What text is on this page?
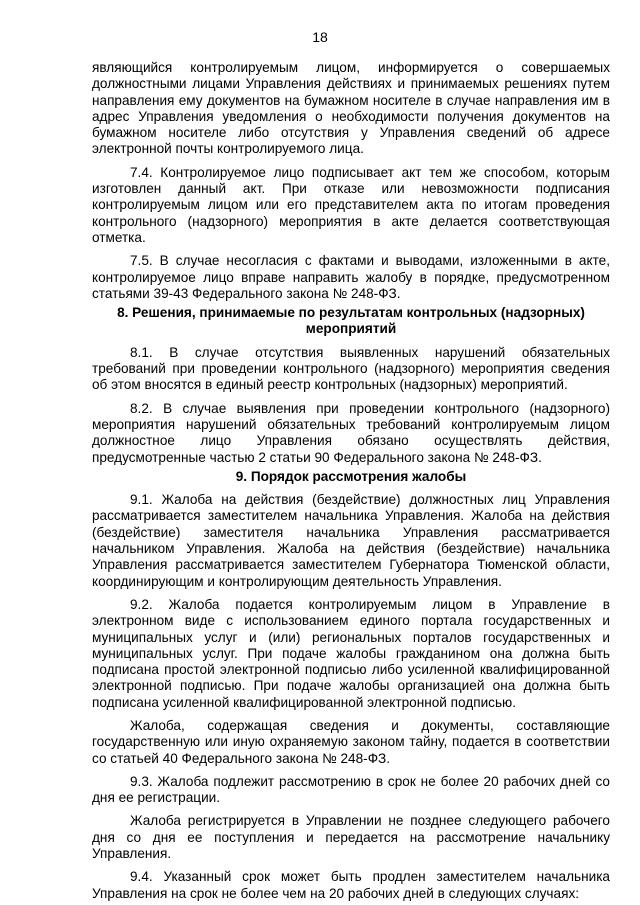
18

являющийся контролируемым лицом, информируется о совершаемых должностными лицами Управления действиях и принимаемых решениях путем направления ему документов на бумажном носителе в случае направления им в адрес Управления уведомления о необходимости получения документов на бумажном носителе либо отсутствия у Управления сведений об адресе электронной почты контролируемого лица.

7.4. Контролируемое лицо подписывает акт тем же способом, которым изготовлен данный акт. При отказе или невозможности подписания контролируемым лицом или его представителем акта по итогам проведения контрольного (надзорного) мероприятия в акте делается соответствующая отметка.

7.5. В случае несогласия с фактами и выводами, изложенными в акте, контролируемое лицо вправе направить жалобу в порядке, предусмотренном статьями 39-43 Федерального закона № 248-ФЗ.

8. Решения, принимаемые по результатам контрольных (надзорных) мероприятий

8.1. В случае отсутствия выявленных нарушений обязательных требований при проведении контрольного (надзорного) мероприятия сведения об этом вносятся в единый реестр контрольных (надзорных) мероприятий.

8.2. В случае выявления при проведении контрольного (надзорного) мероприятия нарушений обязательных требований контролируемым лицом должностное лицо Управления обязано осуществлять действия, предусмотренные частью 2 статьи 90 Федерального закона № 248-ФЗ.

9. Порядок рассмотрения жалобы

9.1. Жалоба на действия (бездействие) должностных лиц Управления рассматривается заместителем начальника Управления. Жалоба на действия (бездействие) заместителя начальника Управления рассматривается начальником Управления. Жалоба на действия (бездействие) начальника Управления рассматривается заместителем Губернатора Тюменской области, координирующим и контролирующим деятельность Управления.

9.2. Жалоба подается контролируемым лицом в Управление в электронном виде с использованием единого портала государственных и муниципальных услуг и (или) региональных порталов государственных и муниципальных услуг. При подаче жалобы гражданином она должна быть подписана простой электронной подписью либо усиленной квалифицированной электронной подписью. При подаче жалобы организацией она должна быть подписана усиленной квалифицированной электронной подписью.

Жалоба, содержащая сведения и документы, составляющие государственную или иную охраняемую законом тайну, подается в соответствии со статьей 40 Федерального закона № 248-ФЗ.

9.3. Жалоба подлежит рассмотрению в срок не более 20 рабочих дней со дня ее регистрации.

Жалоба регистрируется в Управлении не позднее следующего рабочего дня со дня ее поступления и передается на рассмотрение начальнику Управления.

9.4. Указанный срок может быть продлен заместителем начальника Управления на срок не более чем на 20 рабочих дней в следующих случаях:
